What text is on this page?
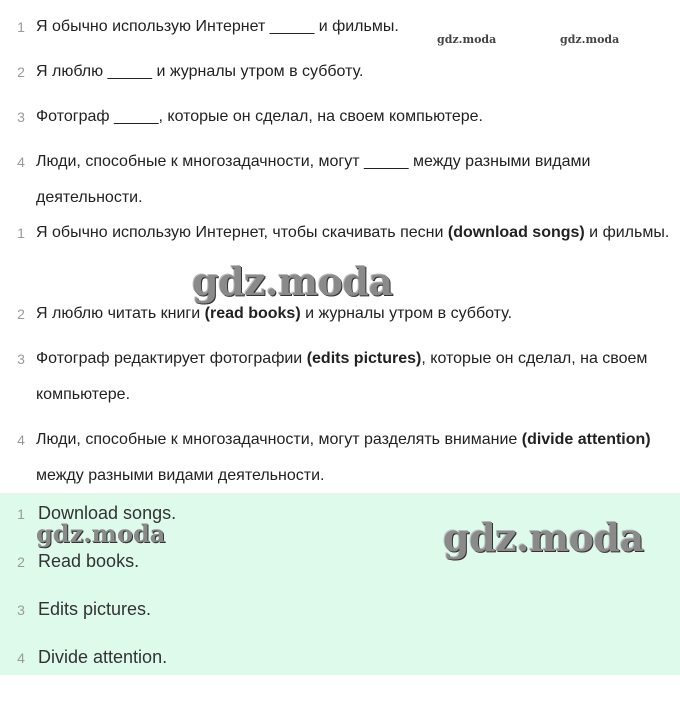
1 Я обычно использую Интернет _____ и фильмы.
2 Я люблю _____ и журналы утром в субботу.
3 Фотограф _____, которые он сделал, на своем компьютере.
4 Люди, способные к многозадачности, могут _____ между разными видами деятельности.
1 Я обычно использую Интернет, чтобы скачивать песни (download songs) и фильмы.
2 Я люблю читать книги (read books) и журналы утром в субботу.
3 Фотограф редактирует фотографии (edits pictures), которые он сделал, на своем компьютере.
4 Люди, способные к многозадачности, могут разделять внимание (divide attention) между разными видами деятельности.
1 Download songs.
2 Read books.
3 Edits pictures.
4 Divide attention.
gdz.moda	gdz.moda
gdz.moda
gdz.moda	gdz.moda
